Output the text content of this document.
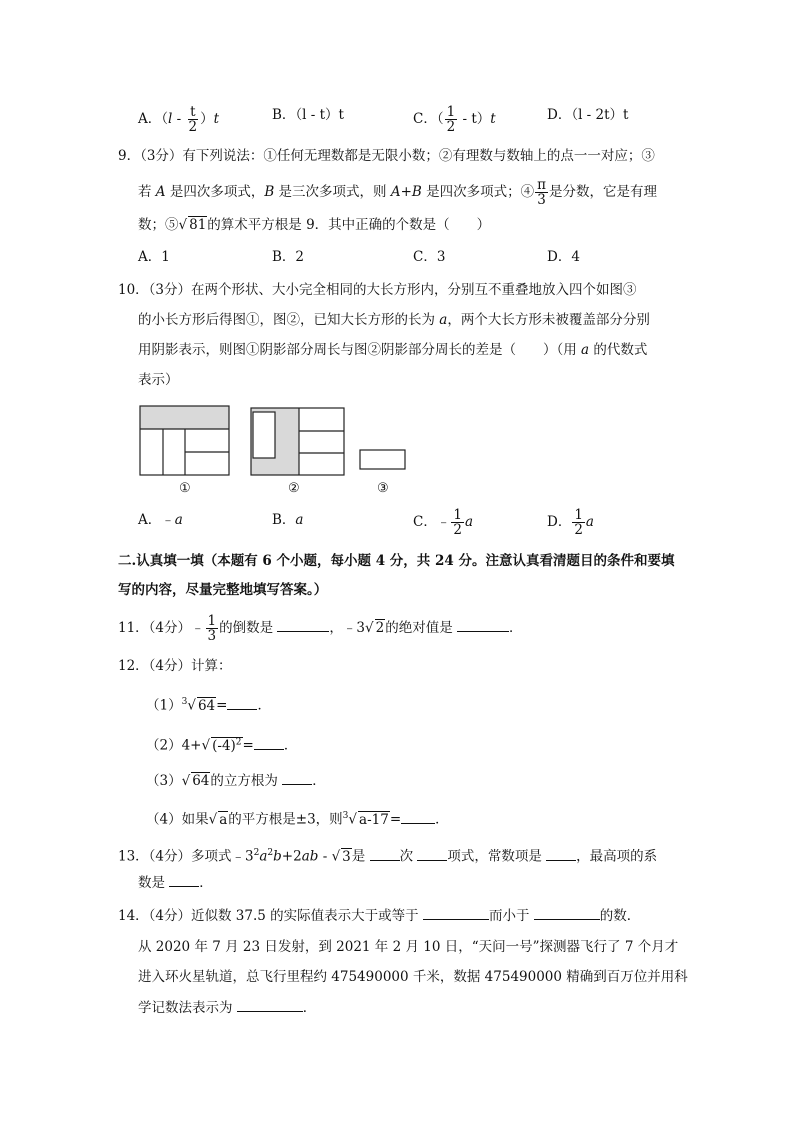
A．$(l - \frac{t}{2} )t$	B．（l - t）t	C．（ $\frac{1}{2} - t)t$	D．（l - 2t）t
9．（3分）有下列说法：①任何无理数都是无限小数；②有理数与数轴上的点一一对应；③
若 A 是四次多项式，B 是三次多项式，则 A+B 是四次多项式；④ $\frac{\pi}{3}$ 是分数，它是有理
数；⑤√ 81的算术平方根是 9．其中正确的个数是（　　）
A．1	B．2	C．3	D．4
10．（3分）在两个形状、大小完全相同的大长方形内，分别互不重叠地放入四个如图③
的小长方形后得图①，图②，已知大长方形的长为 a，两个大长方形未被覆盖部分分别
用阴影表示，则图①阴影部分周长与图②阴影部分周长的差是（　　）（用 a 的代数式
表示）
①	②	③
A．﹣a	B．a	C．﹣ $\frac{1}{2}$ a	D． $\frac{1}{2}$ a
二.认真填一填（本题有 6 个小题，每小题 4 分，共 24 分。注意认真看清题目的条件和要填
写的内容，尽量完整地填写答案。）
11．（4分）﹣ $\frac{1}{3}$ 的倒数是	，﹣3√ 2的绝对值是	．
12．（4分）计算：
$(1)^3√$ 64= ．
（2）4+√ $(-4)^2=$ ．
（3）√ 64的立方根为 ．
（4）如果√ a的平方根是±3，则$^3$√ a-17=	．
13．（4分）多项式$﹣3^2a^2b+2ab$ - √ 3是 次 项式，常数项是 ，最高项的系
数是 ．
14．（4分）近似数 37.5 的实际值表示大于或等于	而小于	的数．
从 2020 年 7 月 23 日发射，到 2021 年 2 月 10 日，“天问一号”探测器飞行了 7 个月才
进入环火星轨道，总飞行里程约 475490000 千米，数据 475490000 精确到百万位并用科
学记数法表示为	．
